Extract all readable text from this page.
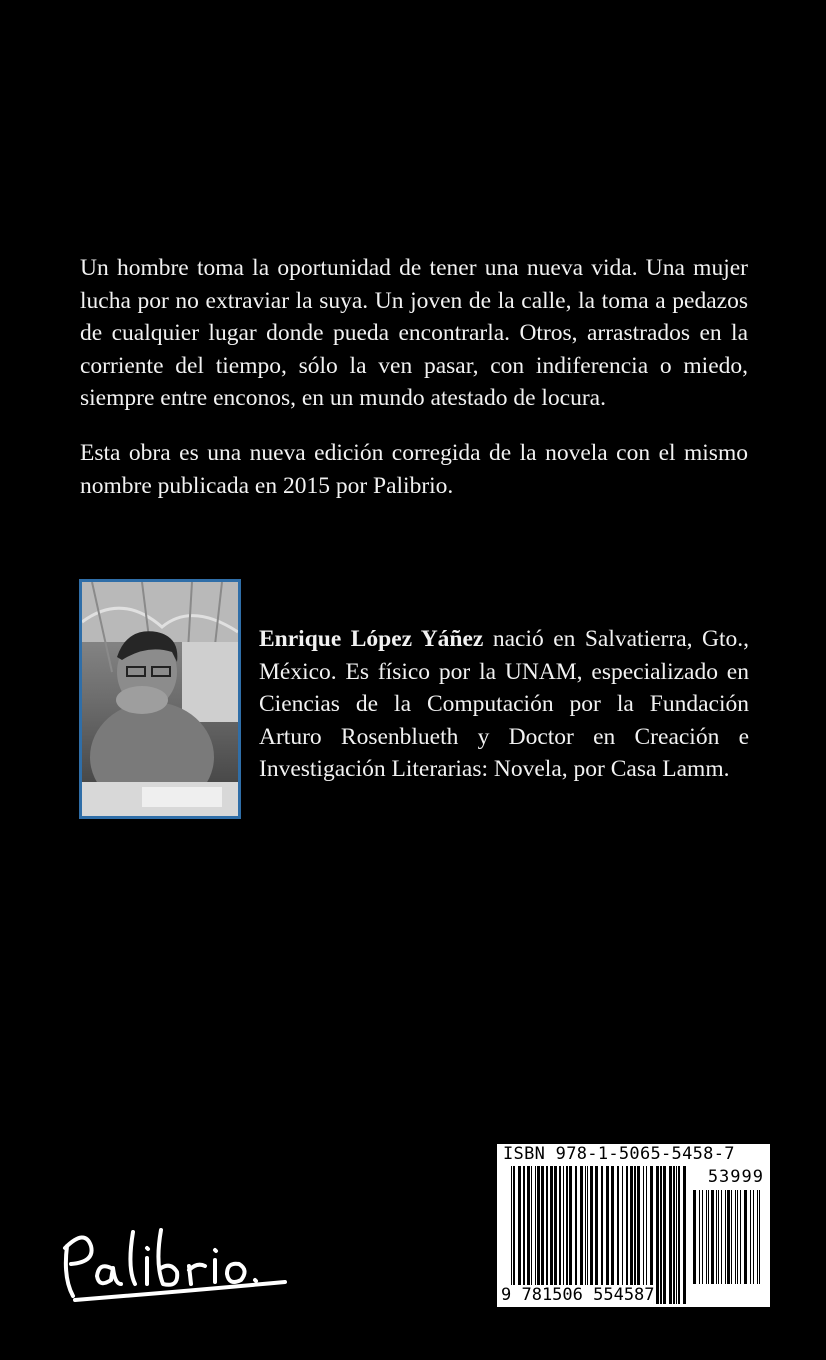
Un hombre toma la oportunidad de tener una nueva vida. Una mujer lucha por no extraviar la suya. Un joven de la calle, la toma a pedazos de cualquier lugar donde pueda encontrarla. Otros, arrastrados en la corriente del tiempo, sólo la ven pasar, con indiferencia o miedo, siempre entre enconos, en un mundo atestado de locura.

Esta obra es una nueva edición corregida de la novela con el mismo nombre publicada en 2015 por Palibrio.

Enrique López Yáñez nació en Salvatierra, Gto., México. Es físico por la UNAM, especializado en Ciencias de la Computación por la Fundación Arturo Rosenblueth y Doctor en Creación e Investigación Literarias: Novela, por Casa Lamm.

ISBN 978-1-5065-5458-7
53999
9 781506 554587
